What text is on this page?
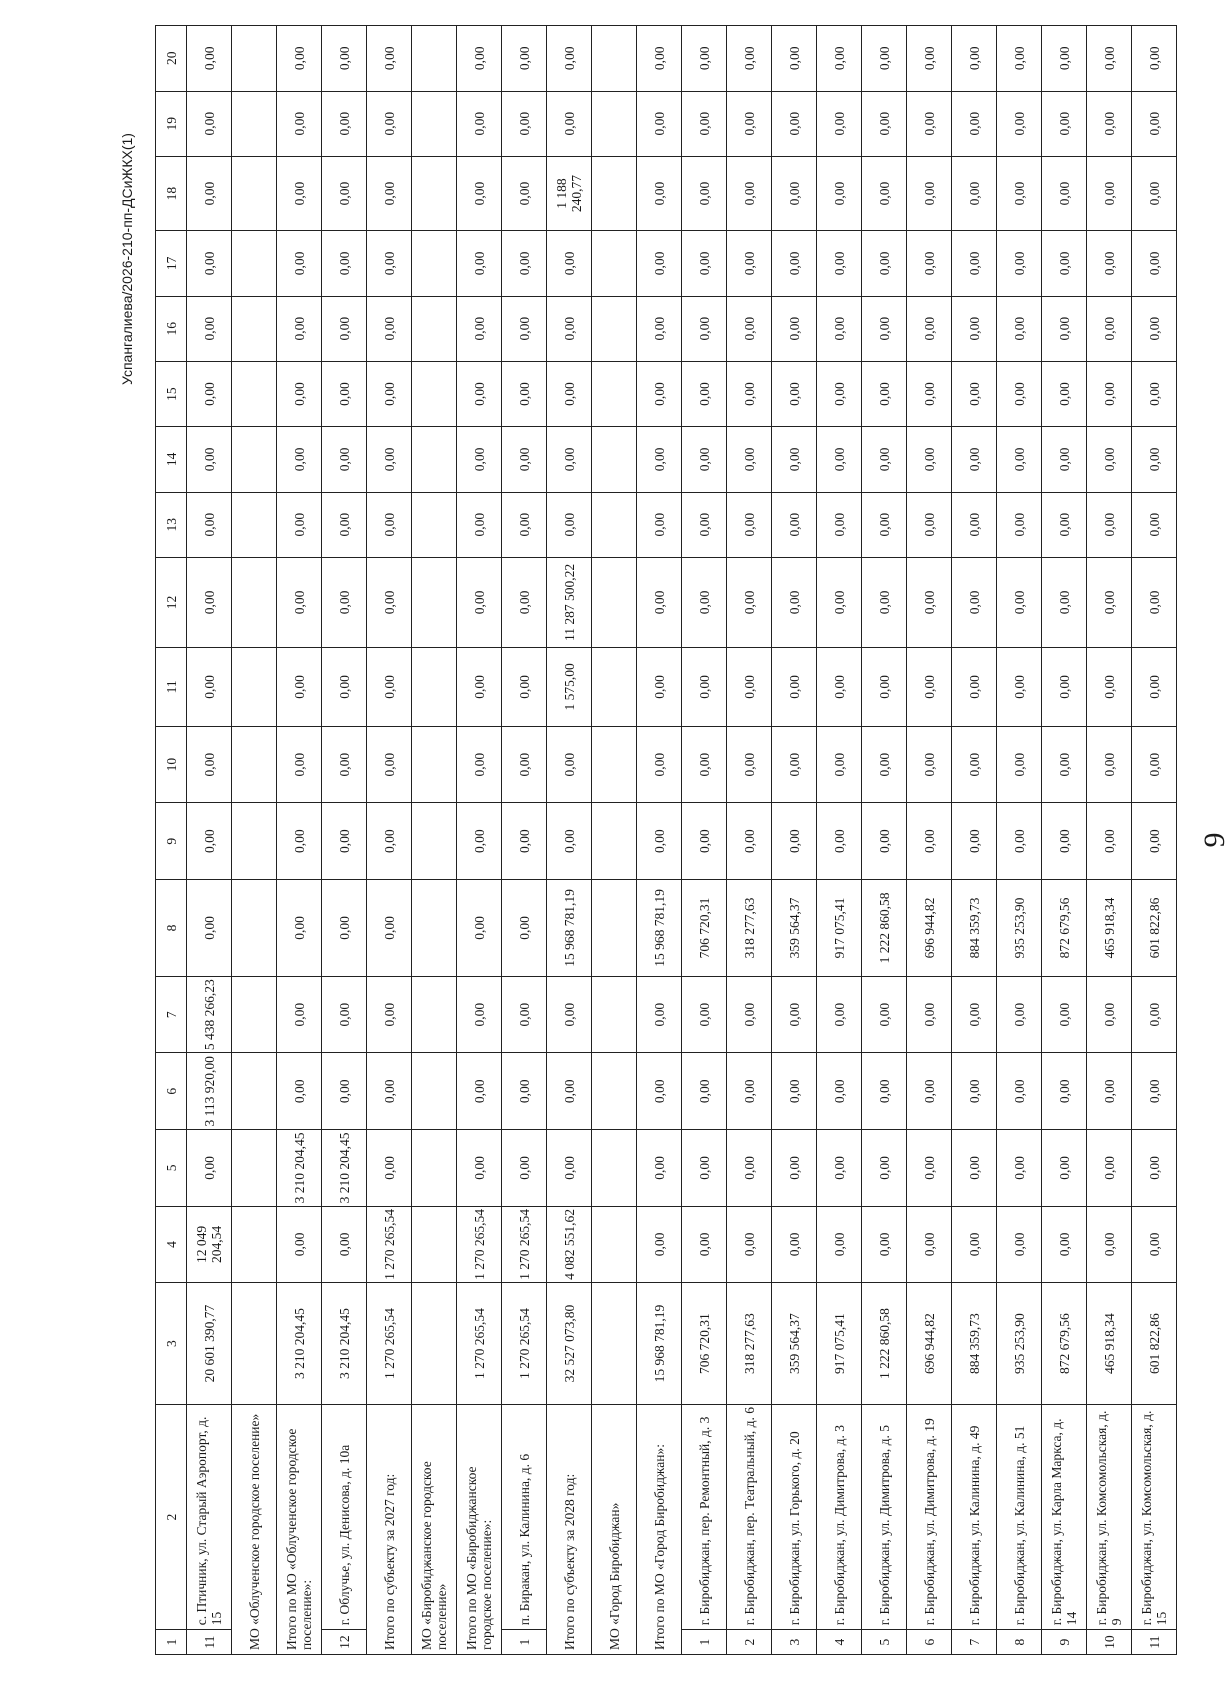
1	2	3	4	5	6	7	8	9	10	11	12	13	14	15	16	17	18	19	20
11	с. Птичник, ул. Старый Аэропорт, д. 15	20 601 390,77	12 049 204,54	0,00	3 113 920,00	5 438 266,23	0,00	0,00	0,00	0,00	0,00	0,00	0,00	0,00	0,00	0,00	0,00	0,00	0,00
МО «Облученское городское поселение»																			
Итого по МО «Облученское городское поселение»:		3 210 204,45	0,00	3 210 204,45	0,00	0,00	0,00	0,00	0,00	0,00	0,00	0,00	0,00	0,00	0,00	0,00	0,00	0,00	0,00
12	г. Облучье, ул. Денисова, д. 10а	3 210 204,45	0,00	3 210 204,45	0,00	0,00	0,00	0,00	0,00	0,00	0,00	0,00	0,00	0,00	0,00	0,00	0,00	0,00	0,00
Итого по субъекту за 2027 год:		1 270 265,54	1 270 265,54	0,00	0,00	0,00	0,00	0,00	0,00	0,00	0,00	0,00	0,00	0,00	0,00	0,00	0,00	0,00	0,00
МО «Биробиджанское городское поселение»																			
Итого по МО «Биробиджанское городское поселение»:		1 270 265,54	1 270 265,54	0,00	0,00	0,00	0,00	0,00	0,00	0,00	0,00	0,00	0,00	0,00	0,00	0,00	0,00	0,00	0,00
1	п. Биракан, ул. Калинина, д. 6	1 270 265,54	1 270 265,54	0,00	0,00	0,00	0,00	0,00	0,00	0,00	0,00	0,00	0,00	0,00	0,00	0,00	0,00	0,00	0,00
Итого по субъекту за 2028 год:		32 527 073,80	4 082 551,62	0,00	0,00	0,00	15 968 781,19	0,00	0,00	1 575,00	11 287 500,22	0,00	0,00	0,00	0,00	0,00	1 188 240,77	0,00	0,00
МО «Город Биробиджан»																			
Итого по МО «Город Биробиджан»:		15 968 781,19	0,00	0,00	0,00	0,00	15 968 781,19	0,00	0,00	0,00	0,00	0,00	0,00	0,00	0,00	0,00	0,00	0,00	0,00
1	г. Биробиджан, пер. Ремонтный, д. 3	706 720,31	0,00	0,00	0,00	0,00	706 720,31	0,00	0,00	0,00	0,00	0,00	0,00	0,00	0,00	0,00	0,00	0,00	0,00
2	г. Биробиджан, пер. Театральный, д. 6	318 277,63	0,00	0,00	0,00	0,00	318 277,63	0,00	0,00	0,00	0,00	0,00	0,00	0,00	0,00	0,00	0,00	0,00	0,00
3	г. Биробиджан, ул. Горького, д. 20	359 564,37	0,00	0,00	0,00	0,00	359 564,37	0,00	0,00	0,00	0,00	0,00	0,00	0,00	0,00	0,00	0,00	0,00	0,00
4	г. Биробиджан, ул. Димитрова, д. 3	917 075,41	0,00	0,00	0,00	0,00	917 075,41	0,00	0,00	0,00	0,00	0,00	0,00	0,00	0,00	0,00	0,00	0,00	0,00
5	г. Биробиджан, ул. Димитрова, д. 5	1 222 860,58	0,00	0,00	0,00	0,00	1 222 860,58	0,00	0,00	0,00	0,00	0,00	0,00	0,00	0,00	0,00	0,00	0,00	0,00
6	г. Биробиджан, ул. Димитрова, д. 19	696 944,82	0,00	0,00	0,00	0,00	696 944,82	0,00	0,00	0,00	0,00	0,00	0,00	0,00	0,00	0,00	0,00	0,00	0,00
7	г. Биробиджан, ул. Калинина, д. 49	884 359,73	0,00	0,00	0,00	0,00	884 359,73	0,00	0,00	0,00	0,00	0,00	0,00	0,00	0,00	0,00	0,00	0,00	0,00
8	г. Биробиджан, ул. Калинина, д. 51	935 253,90	0,00	0,00	0,00	0,00	935 253,90	0,00	0,00	0,00	0,00	0,00	0,00	0,00	0,00	0,00	0,00	0,00	0,00
9	г. Биробиджан, ул. Карла Маркса, д. 14	872 679,56	0,00	0,00	0,00	0,00	872 679,56	0,00	0,00	0,00	0,00	0,00	0,00	0,00	0,00	0,00	0,00	0,00	0,00
10	г. Биробиджан, ул. Комсомольская, д. 9	465 918,34	0,00	0,00	0,00	0,00	465 918,34	0,00	0,00	0,00	0,00	0,00	0,00	0,00	0,00	0,00	0,00	0,00	0,00
11	г. Биробиджан, ул. Комсомольская, д. 15	601 822,86	0,00	0,00	0,00	0,00	601 822,86	0,00	0,00	0,00	0,00	0,00	0,00	0,00	0,00	0,00	0,00	0,00	0,00
9
Успангалиева/2026-210-пп-ДСиЖКХ(1)
